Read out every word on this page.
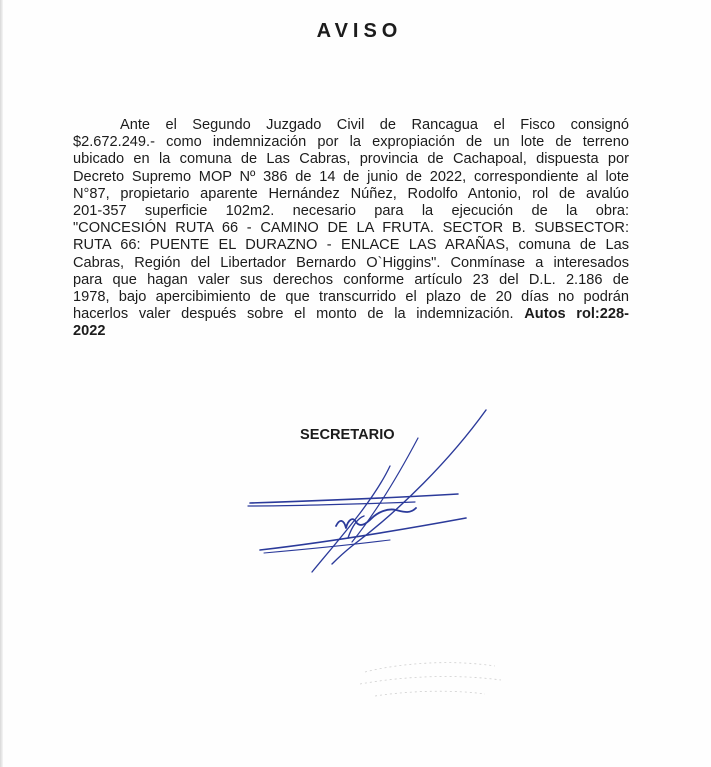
AVISO
Ante el Segundo Juzgado Civil de Rancagua el Fisco consignó
$2.672.249.- como indemnización por la expropiación de un lote de terreno
ubicado en la comuna de Las Cabras, provincia de Cachapoal, dispuesta por
Decreto Supremo MOP Nº 386 de 14 de junio de 2022, correspondiente al lote
N°87, propietario aparente Hernández Núñez, Rodolfo Antonio, rol de avalúo
201-357 superficie 102m2. necesario para la ejecución de la obra:
"CONCESIÓN RUTA 66 - CAMINO DE LA FRUTA. SECTOR B. SUBSECTOR:
RUTA 66: PUENTE EL DURAZNO - ENLACE LAS ARAÑAS, comuna de Las
Cabras, Región del Libertador Bernardo O`Higgins". Conmínase a interesados
para que hagan valer sus derechos conforme artículo 23 del D.L. 2.186 de
1978, bajo apercibimiento de que transcurrido el plazo de 20 días no podrán
hacerlos valer después sobre el monto de la indemnización. Autos rol:228-
2022
SECRETARIO
